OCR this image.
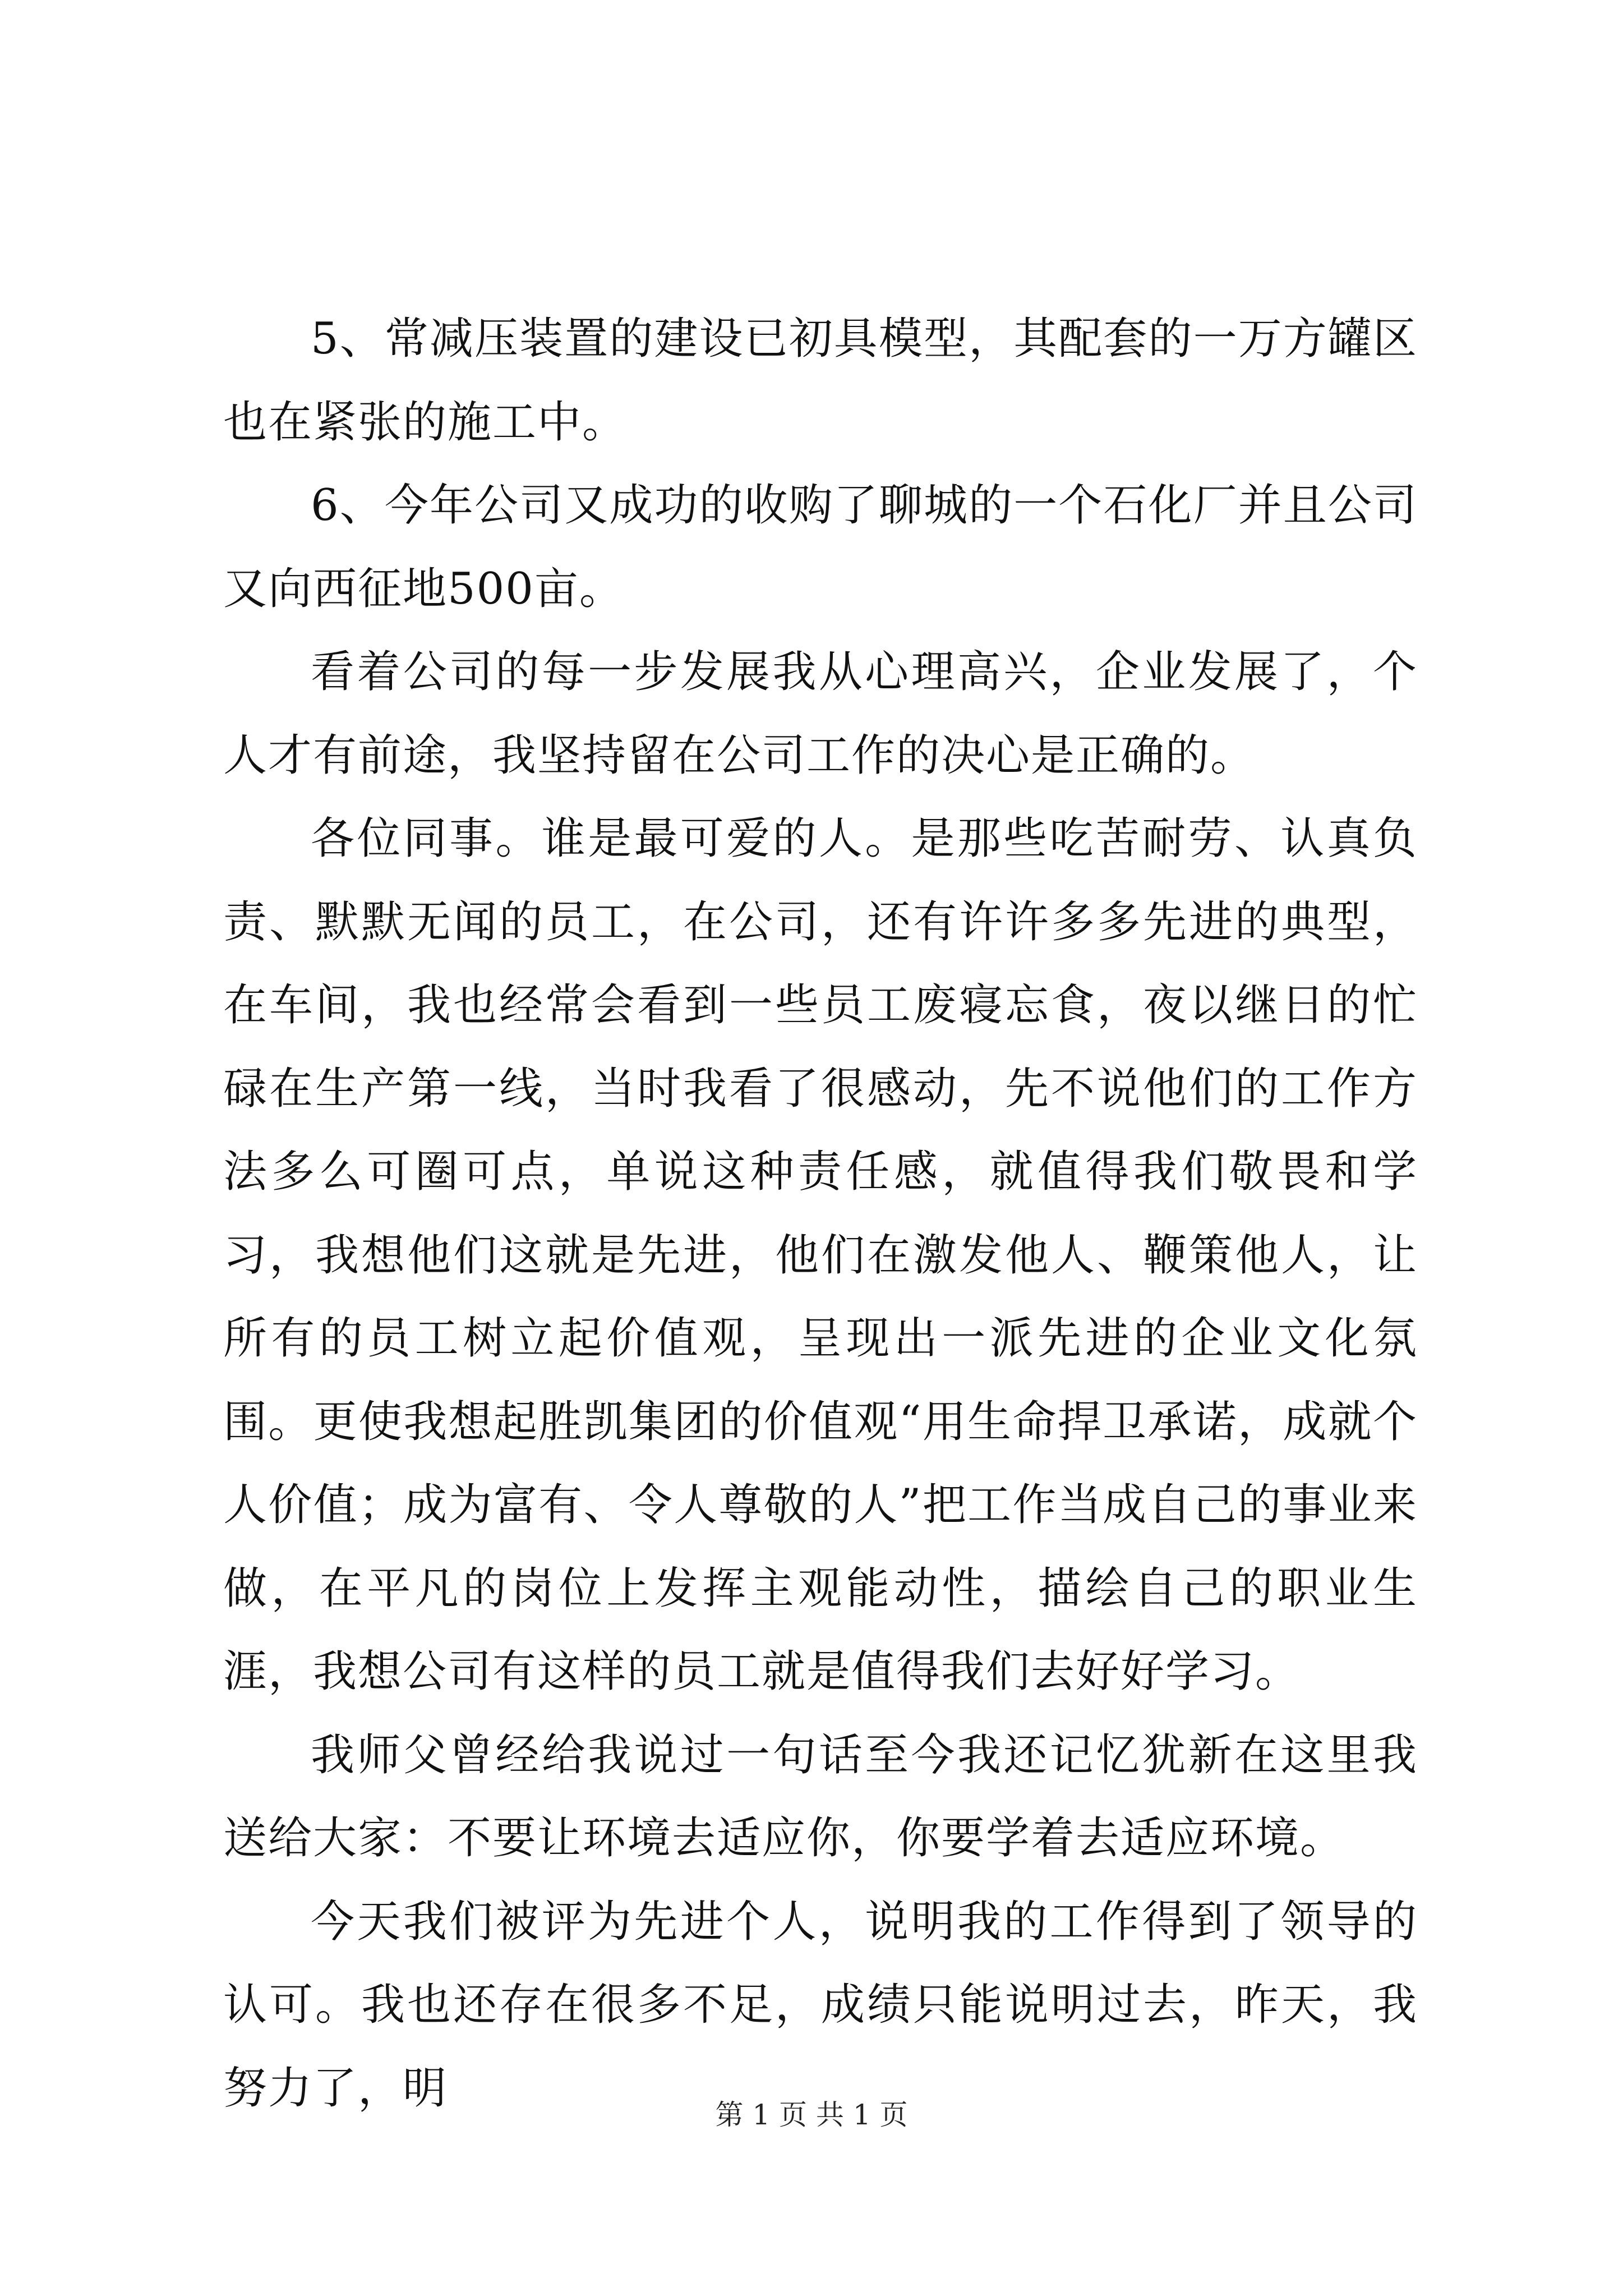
5、常减压装置的建设已初具模型，其配套的一万方罐区也在紧张的施工中。

6、今年公司又成功的收购了聊城的一个石化厂并且公司又向西征地500亩。

看着公司的每一步发展我从心理高兴，企业发展了，个人才有前途，我坚持留在公司工作的决心是正确的。

各位同事。谁是最可爱的人。是那些吃苦耐劳、认真负责、默默无闻的员工，在公司，还有许许多多先进的典型，在车间，我也经常会看到一些员工废寝忘食，夜以继日的忙碌在生产第一线，当时我看了很感动，先不说他们的工作方法多么可圈可点，单说这种责任感，就值得我们敬畏和学习，我想他们这就是先进，他们在激发他人、鞭策他人，让所有的员工树立起价值观，呈现出一派先进的企业文化氛围。更使我想起胜凯集团的价值观“用生命捍卫承诺，成就个人价值；成为富有、令人尊敬的人”把工作当成自己的事业来做，在平凡的岗位上发挥主观能动性，描绘自己的职业生涯，我想公司有这样的员工就是值得我们去好好学习。

我师父曾经给我说过一句话至今我还记忆犹新在这里我送给大家：不要让环境去适应你，你要学着去适应环境。

今天我们被评为先进个人，说明我的工作得到了领导的认可。我也还存在很多不足，成绩只能说明过去，昨天，我努力了，明

第 1 页 共 1 页
